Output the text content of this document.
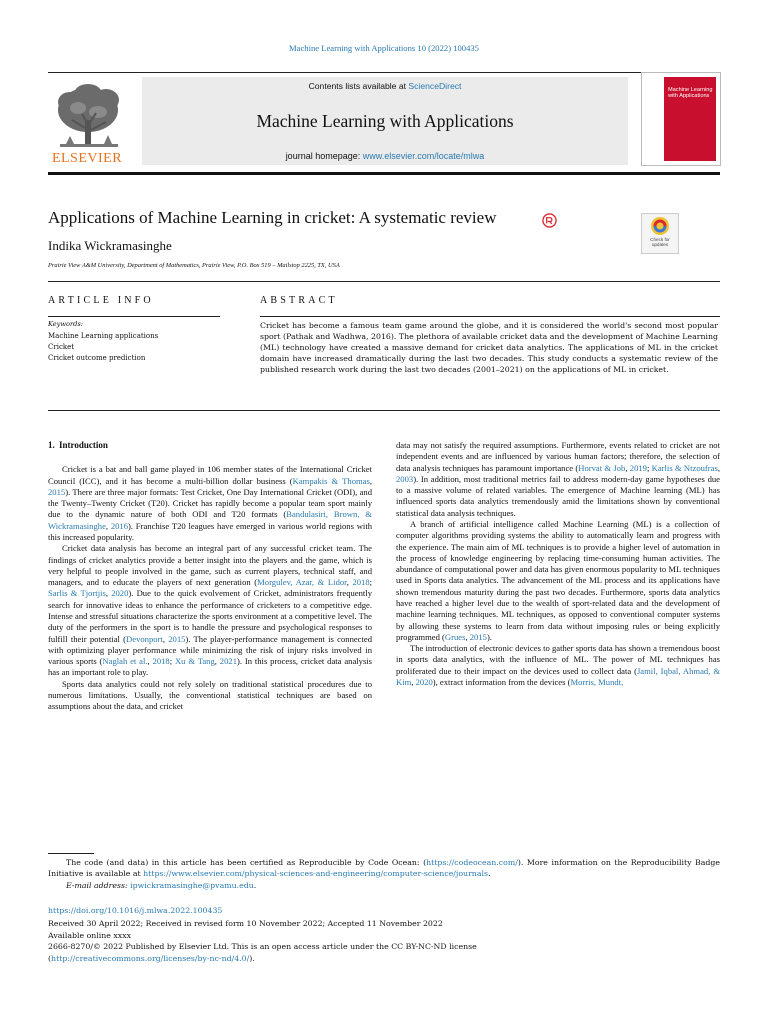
Machine Learning with Applications 10 (2022) 100435
ELSEVIER
Contents lists available at ScienceDirect
Machine Learning with Applications
journal homepage: www.elsevier.com/locate/mlwa
Machine Learning with Applications
Applications of Machine Learning in cricket: A systematic review
Check for updates
Indika Wickramasinghe
Prairie View A&M University, Department of Mathematics, Prairie View, P.O. Box 519 – Mailstop 2225, TX, USA
ARTICLE INFO	ABSTRACT
Keywords:
Machine Learning applications
Cricket
Cricket outcome prediction
Cricket has become a famous team game around the globe, and it is considered the world's second most popular sport (Pathak and Wadhwa, 2016). The plethora of available cricket data and the development of Machine Learning (ML) technology have created a massive demand for cricket data analytics. The applications of ML in the cricket domain have increased dramatically during the last two decades. This study conducts a systematic review of the published research work during the last two decades (2001–2021) on the applications of ML in cricket.
1. Introduction

Cricket is a bat and ball game played in 106 member states of the International Cricket Council (ICC), and it has become a multi-billion dollar business (Kampakis & Thomas, 2015). There are three major formats: Test Cricket, One Day International Cricket (ODI), and the Twenty–Twenty Cricket (T20). Cricket has rapidly become a popular team sport mainly due to the dynamic nature of both ODI and T20 formats (Bandulasiri, Brown, & Wickramasinghe, 2016). Franchise T20 leagues have emerged in various world regions with this increased popularity.

Cricket data analysis has become an integral part of any successful cricket team. The findings of cricket analytics provide a better insight into the players and the game, which is very helpful to people involved in the game, such as current players, technical staff, and managers, and to educate the players of next generation (Morgulev, Azar, & Lidor, 2018; Sarlis & Tjortjis, 2020). Due to the quick evolvement of Cricket, administrators frequently search for innovative ideas to enhance the performance of cricketers to a competitive edge. Intense and stressful situations characterize the sports environment at a competitive level. The duty of the performers in the sport is to handle the pressure and psychological responses to fulfill their potential (Devonport, 2015). The player-performance management is connected with optimizing player performance while minimizing the risk of injury risks involved in various sports (Naglah et al., 2018; Xu & Tang, 2021). In this process, cricket data analysis has an important role to play.

Sports data analytics could not rely solely on traditional statistical procedures due to numerous limitations. Usually, the conventional statistical techniques are based on assumptions about the data, and cricket

data may not satisfy the required assumptions. Furthermore, events related to cricket are not independent events and are influenced by various human factors; therefore, the selection of data analysis techniques has paramount importance (Horvat & Job, 2019; Karlis & Ntzoufras, 2003). In addition, most traditional metrics fail to address modern-day game hypotheses due to a massive volume of related variables. The emergence of Machine learning (ML) has influenced sports data analytics tremendously amid the limitations shown by conventional statistical data analysis techniques.

A branch of artificial intelligence called Machine Learning (ML) is a collection of computer algorithms providing systems the ability to automatically learn and progress with the experience. The main aim of ML techniques is to provide a higher level of automation in the process of knowledge engineering by replacing time-consuming human activities. The abundance of computational power and data has given enormous popularity to ML techniques used in Sports data analytics. The advancement of the ML process and its applications have shown tremendous maturity during the past two decades. Furthermore, sports data analytics have reached a higher level due to the wealth of sport-related data and the development of machine learning techniques. ML techniques, as opposed to conventional computer systems by allowing these systems to learn from data without imposing rules or being explicitly programmed (Grues, 2015).

The introduction of electronic devices to gather sports data has shown a tremendous boost in sports data analytics, with the influence of ML. The power of ML techniques has proliferated due to their impact on the devices used to collect data (Jamil, Iqbal, Ahmad, & Kim, 2020), extract information from the devices (Morris, Mundt,

The code (and data) in this article has been certified as Reproducible by Code Ocean: (https://codeocean.com/). More information on the Reproducibility Badge Initiative is available at https://www.elsevier.com/physical-sciences-and-engineering/computer-science/journals.
E-mail address: ipwickramasinghe@pvamu.edu.
https://doi.org/10.1016/j.mlwa.2022.100435
Received 30 April 2022; Received in revised form 10 November 2022; Accepted 11 November 2022
Available online xxxx
2666-8270/© 2022 Published by Elsevier Ltd. This is an open access article under the CC BY-NC-ND license
(http://creativecommons.org/licenses/by-nc-nd/4.0/).
